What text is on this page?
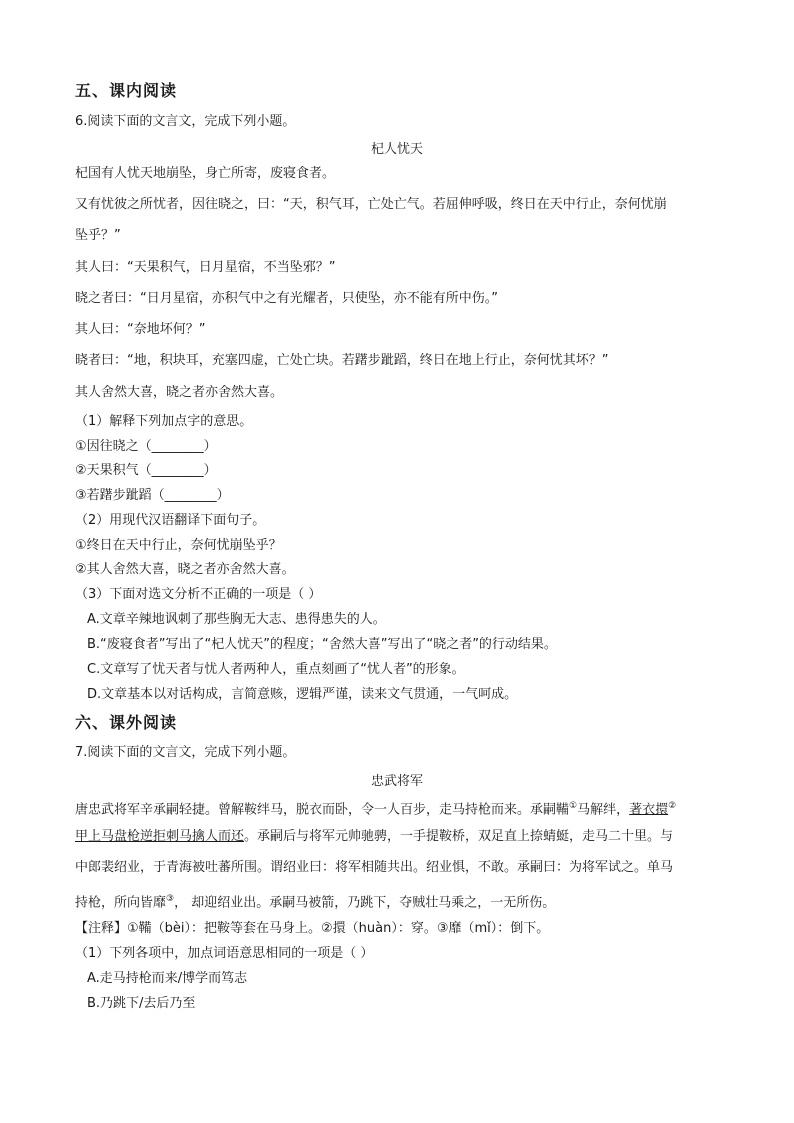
五、课内阅读
6.阅读下面的文言文，完成下列小题。
杞人忧天
杞国有人忧天地崩坠，身亡所寄，废寝食者。
又有忧彼之所忧者，因往晓之，曰：“天，积气耳，亡处亡气。若屈伸呼吸，终日在天中行止，奈何忧崩
坠乎？”
其人曰：“天果积气，日月星宿，不当坠邪？”
晓之者曰：“日月星宿，亦积气中之有光耀者，只使坠，亦不能有所中伤。”
其人曰：“奈地坏何？”
晓者曰：“地，积块耳，充塞四虚，亡处亡块。若躇步跐蹈，终日在地上行止，奈何忧其坏？”
其人舍然大喜，晓之者亦舍然大喜。
（1）解释下列加点字的意思。
①因往晓之（________）
②天果积气（________）
③若躇步跐蹈（________）
（2）用现代汉语翻译下面句子。
①终日在天中行止，奈何忧崩坠乎？
②其人舍然大喜，晓之者亦舍然大喜。
（3）下面对选文分析不正确的一项是（ ）
A.文章辛辣地讽刺了那些胸无大志、患得患失的人。
B.“废寝食者”写出了“杞人忧天”的程度；“舍然大喜”写出了“晓之者”的行动结果。
C.文章写了忧天者与忧人者两种人，重点刻画了“忧人者”的形象。
D.文章基本以对话构成，言简意赅，逻辑严谨，读来文气贯通，一气呵成。
六、课外阅读
7.阅读下面的文言文，完成下列小题。
忠武将军
唐忠武将军辛承嗣轻捷。曾解鞍绊马，脱衣而卧，令一人百步，走马持枪而来。承嗣鞴①马解绊，著衣擐②
甲上马盘枪逆拒刺马擒人而还。承嗣后与将军元帅驰骋，一手提鞍桥，双足直上捺蜻蜓，走马二十里。与
中郎裴绍业，于青海被吐蕃所围。谓绍业曰：将军相随共出。绍业惧，不敢。承嗣曰：为将军试之。单马
持枪，所向皆靡③， 却迎绍业出。承嗣马被箭，乃跳下，夺贼壮马乘之，一无所伤。
【注释】①鞴（bèi）：把鞍等套在马身上。②擐（huàn）：穿。③靡（mǐ）：倒下。
（1）下列各项中，加点词语意思相同的一项是（ ）
A.走马持枪而来/博学而笃志
B.乃跳下/去后乃至
